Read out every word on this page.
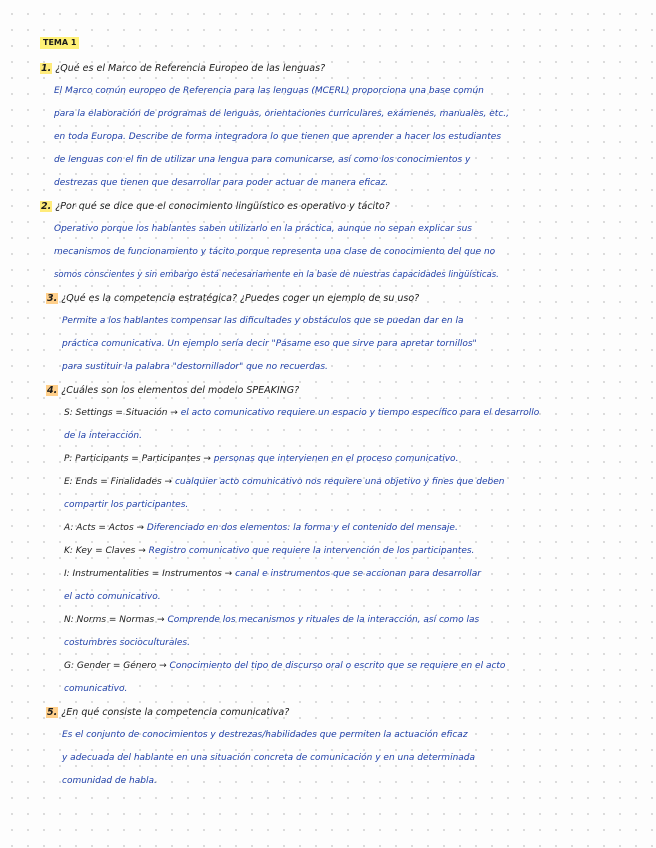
TEMA 1
1. ¿Qué es el Marco de Referencia Europeo de las lenguas?
El Marco común europeo de Referencia para las lenguas (MCERL) proporciona una base común
para la elaboración de programas de lenguas, orientaciones curriculares, exámenes, manuales, etc.,
en toda Europa. Describe de forma integradora lo que tienen que aprender a hacer los estudiantes
de lenguas con el fin de utilizar una lengua para comunicarse, así como los conocimientos y
destrezas que tienen que desarrollar para poder actuar de manera eficaz.
2. ¿Por qué se dice que el conocimiento lingüístico es operativo y tácito?
Operativo porque los hablantes saben utilizarlo en la práctica, aunque no sepan explicar sus
mecanismos de funcionamiento y tácito porque representa una clase de conocimiento del que no
somos conscientes y sin embargo está necesariamente en la base de nuestras capacidades lingüísticas.
3. ¿Qué es la competencia estratégica? ¿Puedes coger un ejemplo de su uso?
Permite a los hablantes compensar las dificultades y obstáculos que se puedan dar en la
práctica comunicativa. Un ejemplo sería decir "Pásame eso que sirve para apretar tornillos"
para sustituir la palabra "destornillador" que no recuerdas.
4. ¿Cuáles son los elementos del modelo SPEAKING?
S: Settings = Situación → el acto comunicativo requiere un espacio y tiempo específico para el desarrollo
de la interacción.
P: Participants = Participantes → personas que intervienen en el proceso comunicativo.
E: Ends = Finalidades → cualquier acto comunicativo nos requiere una objetivo y fines que deben
compartir los participantes.
A: Acts = Actos → Diferenciado en dos elementos: la forma y el contenido del mensaje.
K: Key = Claves → Registro comunicativo que requiere la intervención de los participantes.
I: Instrumentalities = Instrumentos → canal e instrumentos que se accionan para desarrollar
el acto comunicativo.
N: Norms = Normas → Comprende los mecanismos y rituales de la interacción, así como las
costumbres socioculturales.
G: Gender = Género → Conocimiento del tipo de discurso oral o escrito que se requiere en el acto
comunicativo.
5. ¿En qué consiste la competencia comunicativa?
Es el conjunto de conocimientos y destrezas/habilidades que permiten la actuación eficaz
y adecuada del hablante en una situación concreta de comunicación y en una determinada
comunidad de habla.
